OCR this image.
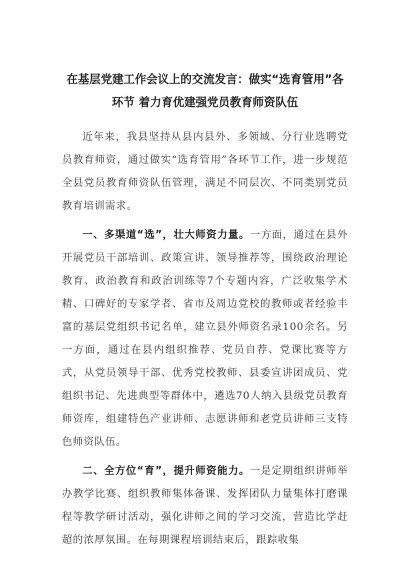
在基层党建工作会议上的交流发言：做实“选育管用”各
环节 着力育优建强党员教育师资队伍

近年来，我县坚持从县内县外、多领域、分行业选聘党员教育师资，通过做实“选育管用”各环节工作，进一步规范全县党员教育师资队伍管理，满足不同层次、不同类别党员教育培训需求。

一、多渠道“选”，壮大师资力量。一方面，通过在县外开展党员干部培训、政策宣讲、领导推荐等，围绕政治理论教育、政治教育和政治训练等7个专题内容，广泛收集学术精、口碑好的专家学者、省市及周边党校的教师或者经验丰富的基层党组织书记名单，建立县外师资名录100余名。另一方面，通过在县内组织推荐、党员自荐、党课比赛等方式，从党员领导干部、优秀党校教师、县委宣讲团成员、党组织书记、先进典型等群体中，遴选70人纳入县级党员教育师资库，组建特色产业讲师、志愿讲师和老党员讲师三支特色师资队伍。

二、全方位“育”，提升师资能力。一是定期组织讲师举办教学比赛、组织教师集体备课、发挥团队力量集体打磨课程等教学研讨活动，强化讲师之间的学习交流，营造比学赶超的浓厚氛围。在每期课程培训结束后，跟踪收集
